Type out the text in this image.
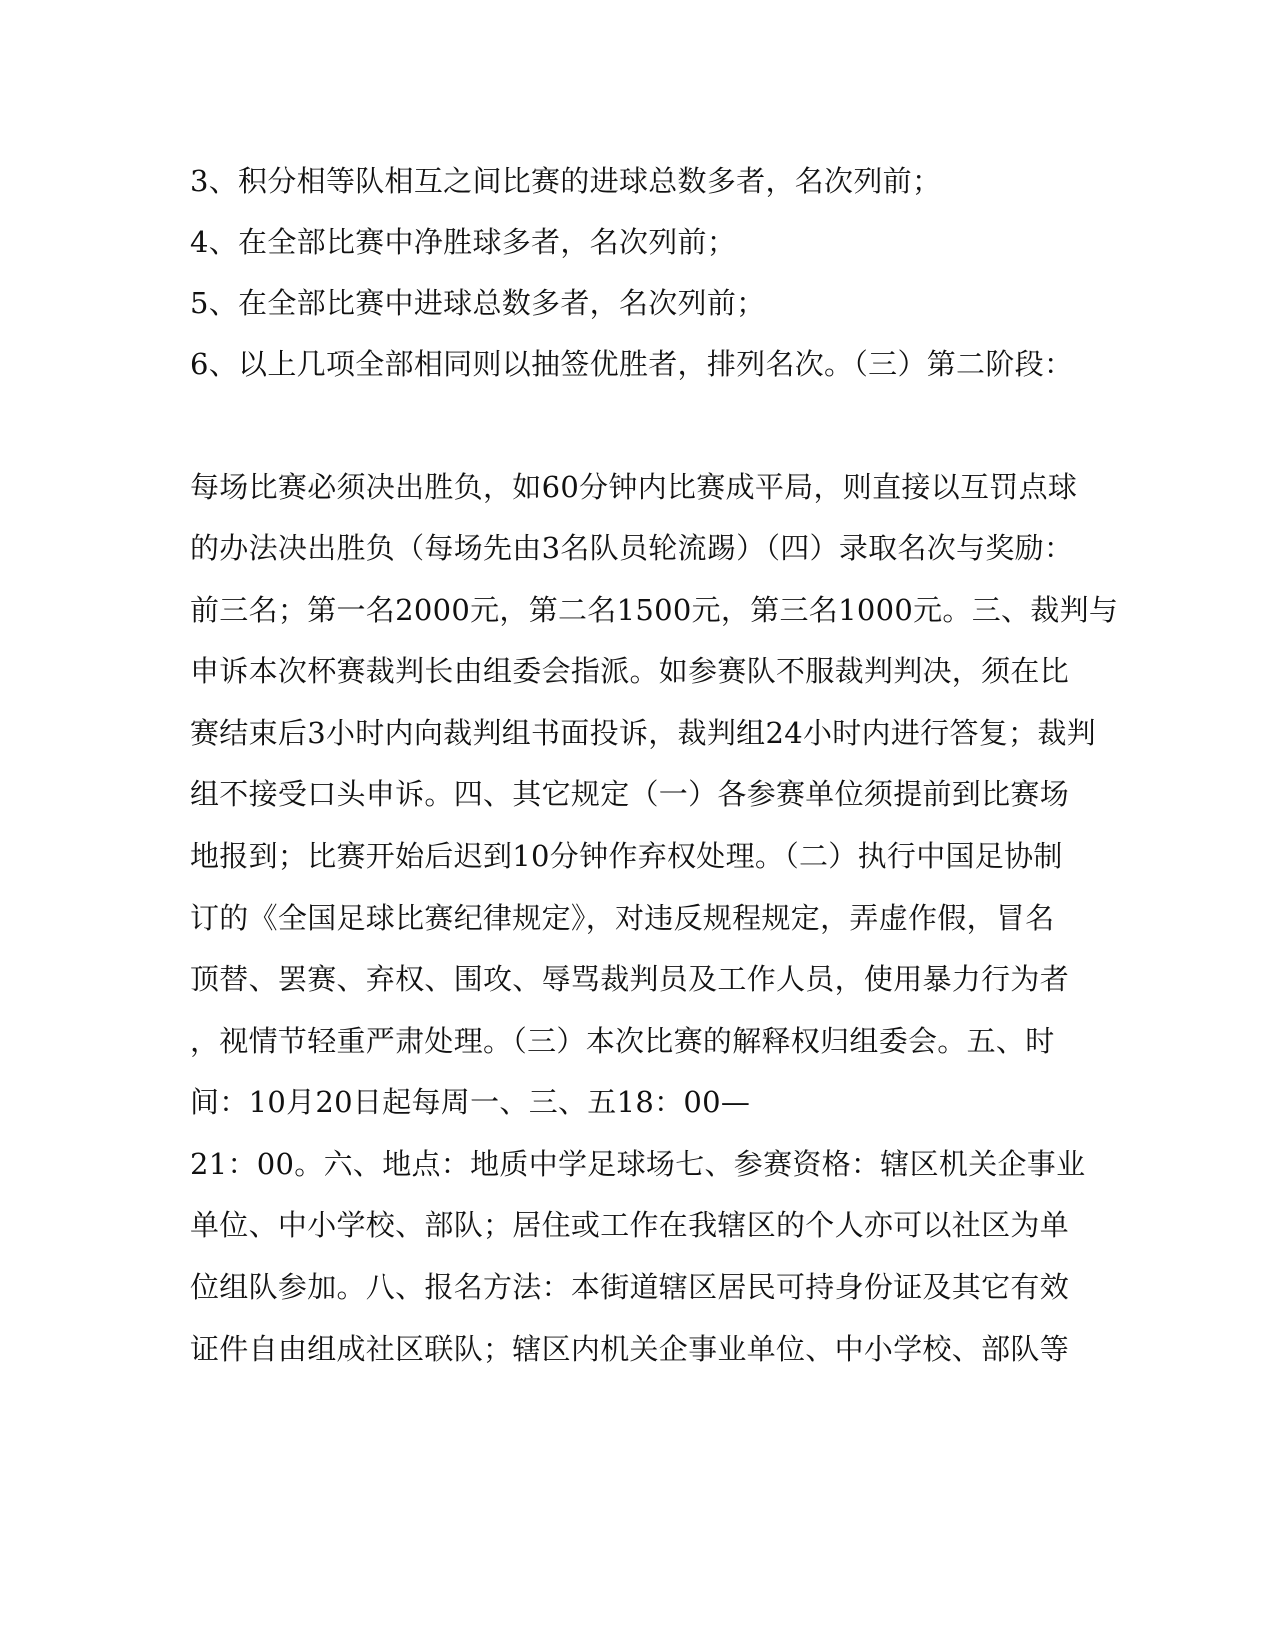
3、积分相等队相互之间比赛的进球总数多者，名次列前；
4、在全部比赛中净胜球多者，名次列前；
5、在全部比赛中进球总数多者，名次列前；
6、以上几项全部相同则以抽签优胜者，排列名次。（三）第二阶段：
每场比赛必须决出胜负，如60分钟内比赛成平局，则直接以互罚点球
的办法决出胜负（每场先由3名队员轮流踢）（四）录取名次与奖励：
前三名；第一名2000元，第二名1500元，第三名1000元。三、裁判与
申诉本次杯赛裁判长由组委会指派。如参赛队不服裁判判决，须在比
赛结束后3小时内向裁判组书面投诉，裁判组24小时内进行答复；裁判
组不接受口头申诉。四、其它规定（一）各参赛单位须提前到比赛场
地报到；比赛开始后迟到10分钟作弃权处理。（二）执行中国足协制
订的《全国足球比赛纪律规定》，对违反规程规定，弄虚作假，冒名
顶替、罢赛、弃权、围攻、辱骂裁判员及工作人员，使用暴力行为者
，视情节轻重严肃处理。（三）本次比赛的解释权归组委会。五、时
间：10月20日起每周一、三、五18：00—
21：00。六、地点：地质中学足球场七、参赛资格：辖区机关企事业
单位、中小学校、部队；居住或工作在我辖区的个人亦可以社区为单
位组队参加。八、报名方法：本街道辖区居民可持身份证及其它有效
证件自由组成社区联队；辖区内机关企事业单位、中小学校、部队等
